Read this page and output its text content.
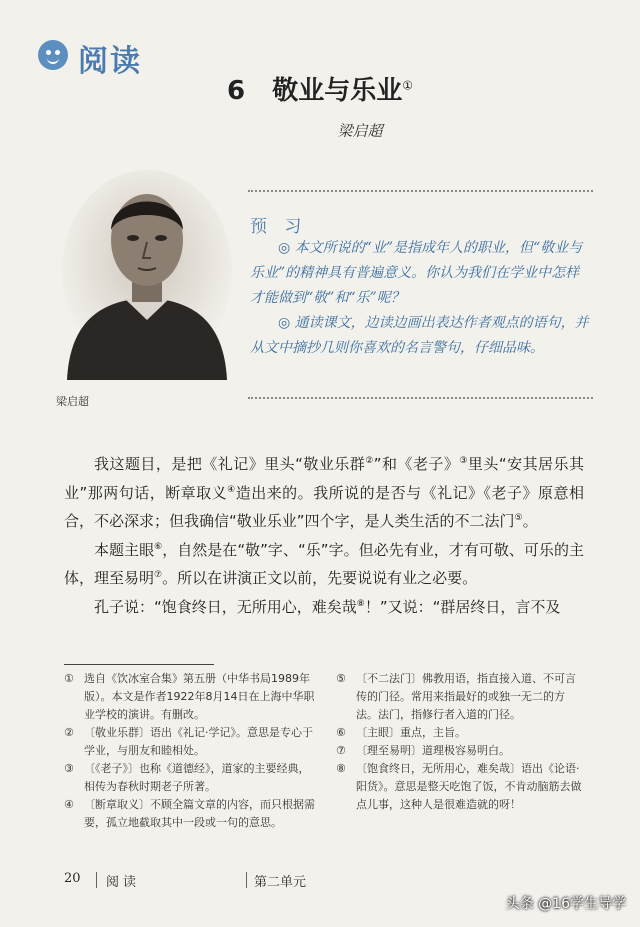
阅读
6 敬业与乐业①
梁启超
梁启超
预 习

◎ 本文所说的“业”是指成年人的职业，但“敬业与乐业”的精神具有普遍意义。你认为我们在学业中怎样才能做到“敬”和“乐”呢？

◎ 通读课文，边读边画出表达作者观点的语句，并从文中摘抄几则你喜欢的名言警句，仔细品味。

我这题目，是把《礼记》里头“敬业乐群②”和《老子》③里头“安其居乐其业”那两句话，断章取义④造出来的。我所说的是否与《礼记》《老子》原意相合，不必深求；但我确信“敬业乐业”四个字，是人类生活的不二法门⑤。

本题主眼⑥，自然是在“敬”字、“乐”字。但必先有业，才有可敬、可乐的主体，理至易明⑦。所以在讲演正文以前，先要说说有业之必要。

孔子说：“饱食终日，无所用心，难矣哉⑧！”又说：“群居终日，言不及

① 选自《饮冰室合集》第五册（中华书局1989年版）。本文是作者1922年8月14日在上海中华职业学校的演讲。有删改。
② 〔敬业乐群〕语出《礼记·学记》。意思是专心于学业，与朋友和睦相处。
③ 〔《老子》〕也称《道德经》，道家的主要经典，相传为春秋时期老子所著。
④ 〔断章取义〕不顾全篇文章的内容，而只根据需要，孤立地截取其中一段或一句的意思。
⑤ 〔不二法门〕佛教用语，指直接入道、不可言传的门径。常用来指最好的或独一无二的方法。法门，指修行者入道的门径。
⑥ 〔主眼〕重点，主旨。
⑦ 〔理至易明〕道理极容易明白。
⑧ 〔饱食终日，无所用心，难矣哉〕语出《论语·阳货》。意思是整天吃饱了饭，不肯动脑筋去做点儿事，这种人是很难造就的呀！
20 阅读	第二单元
头条 @16学生导学
